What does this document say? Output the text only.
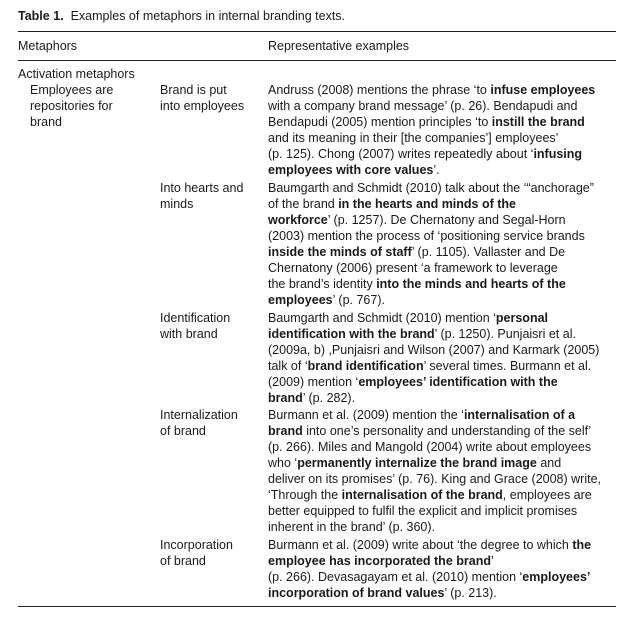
Table 1. Examples of metaphors in internal branding texts.
Metaphors	Representative examples
Activation metaphors
Employees are
repositories for
brand
Brand is put
into employees
Andruss (2008) mentions the phrase ‘to infuse employees
with a company brand message’ (p. 26). Bendapudi and
Bendapudi (2005) mention principles ‘to instill the brand
and its meaning in their [the companies’] employees’
(p. 125). Chong (2007) writes repeatedly about ‘infusing
employees with core values’.
Into hearts and
minds
Baumgarth and Schmidt (2010) talk about the ‘“anchorage”
of the brand in the hearts and minds of the
workforce’ (p. 1257). De Chernatony and Segal-Horn
(2003) mention the process of ‘positioning service brands
inside the minds of staff’ (p. 1105). Vallaster and De
Chernatony (2006) present ‘a framework to leverage
the brand’s identity into the minds and hearts of the
employees’ (p. 767).
Identification
with brand
Baumgarth and Schmidt (2010) mention ‘personal
identification with the brand’ (p. 1250). Punjaisri et al.
(2009a, b) ,Punjaisri and Wilson (2007) and Karmark (2005)
talk of ‘brand identification’ several times. Burmann et al.
(2009) mention ‘employees’ identification with the
brand’ (p. 282).
Internalization
of brand
Burmann et al. (2009) mention the ‘internalisation of a
brand into one’s personality and understanding of the self’
(p. 266). Miles and Mangold (2004) write about employees
who ‘permanently internalize the brand image and
deliver on its promises’ (p. 76). King and Grace (2008) write,
‘Through the internalisation of the brand, employees are
better equipped to fulfil the explicit and implicit promises
inherent in the brand’ (p. 360).
Incorporation
of brand
Burmann et al. (2009) write about ‘the degree to which the
employee has incorporated the brand’
(p. 266). Devasagayam et al. (2010) mention ‘employees’
incorporation of brand values’ (p. 213).
